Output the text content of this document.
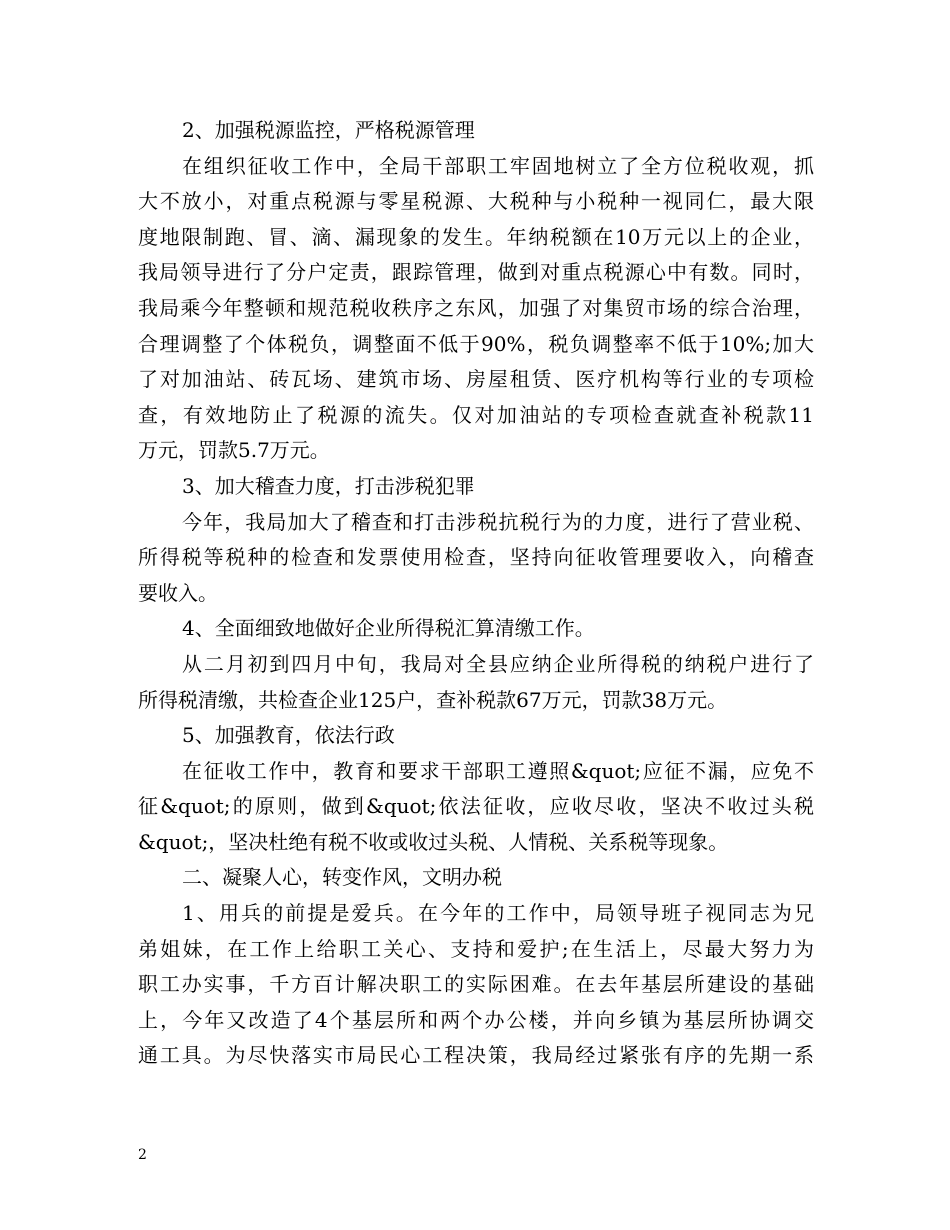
2、加强税源监控，严格税源管理
在组织征收工作中，全局干部职工牢固地树立了全方位税收观，抓
大不放小，对重点税源与零星税源、大税种与小税种一视同仁，最大限
度地限制跑、冒、滴、漏现象的发生。年纳税额在10万元以上的企业，
我局领导进行了分户定责，跟踪管理，做到对重点税源心中有数。同时，
我局乘今年整顿和规范税收秩序之东风，加强了对集贸市场的综合治理，
合理调整了个体税负，调整面不低于90%，税负调整率不低于10%;加大
了对加油站、砖瓦场、建筑市场、房屋租赁、医疗机构等行业的专项检
查，有效地防止了税源的流失。仅对加油站的专项检查就查补税款11
万元，罚款5.7万元。
3、加大稽查力度，打击涉税犯罪
今年，我局加大了稽查和打击涉税抗税行为的力度，进行了营业税、
所得税等税种的检查和发票使用检查，坚持向征收管理要收入，向稽查
要收入。
4、全面细致地做好企业所得税汇算清缴工作。
从二月初到四月中旬，我局对全县应纳企业所得税的纳税户进行了
所得税清缴，共检查企业125户，查补税款67万元，罚款38万元。
5、加强教育，依法行政
在征收工作中，教育和要求干部职工遵照&quot;应征不漏，应免不
征&quot;的原则，做到&quot;依法征收，应收尽收，坚决不收过头税
&quot;，坚决杜绝有税不收或收过头税、人情税、关系税等现象。
二、凝聚人心，转变作风，文明办税
1、用兵的前提是爱兵。在今年的工作中，局领导班子视同志为兄
弟姐妹，在工作上给职工关心、支持和爱护;在生活上，尽最大努力为
职工办实事，千方百计解决职工的实际困难。在去年基层所建设的基础
上，今年又改造了4个基层所和两个办公楼，并向乡镇为基层所协调交
通工具。为尽快落实市局民心工程决策，我局经过紧张有序的先期一系
2
